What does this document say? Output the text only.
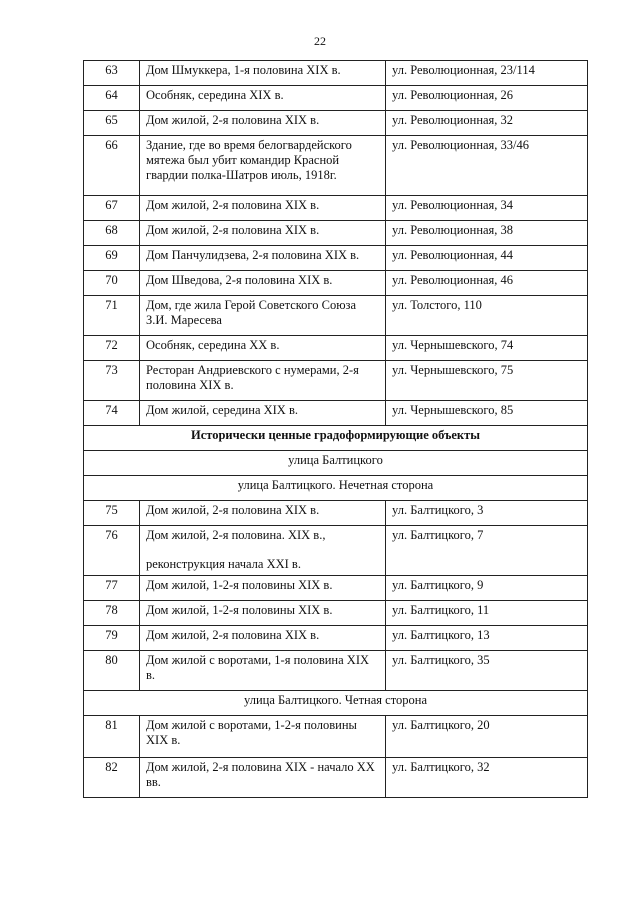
22
63	Дом Шмуккера, 1-я половина XIX в.	ул. Революционная, 23/114
64	Особняк, середина XIX в.	ул. Революционная, 26
65	Дом жилой, 2-я половина XIX в.	ул. Революционная, 32
66	Здание, где во время белогвардейского мятежа был убит командир Красной гвардии полка-Шатров июль, 1918г.	ул. Революционная, 33/46
67	Дом жилой, 2-я половина XIX в.	ул. Революционная, 34
68	Дом жилой, 2-я половина XIX в.	ул. Революционная, 38
69	Дом Панчулидзева, 2-я половина XIX в.	ул. Революционная, 44
70	Дом Шведова, 2-я половина XIX в.	ул. Революционная, 46
71	Дом, где жила Герой Советского Союза З.И. Маресева	ул. Толстого, 110
72	Особняк, середина XX в.	ул. Чернышевского, 74
73	Ресторан Андриевского с нумерами, 2-я половина XIX в.	ул. Чернышевского, 75
74	Дом жилой, середина XIX в.	ул. Чернышевского, 85
Исторически ценные градоформирующие объекты		
улица Балтицкого		
улица Балтицкого. Нечетная сторона		
75	Дом жилой, 2-я половина XIX в.	ул. Балтицкого, 3
76	Дом жилой, 2-я половина. XIX в.,
реконструкция начала XXI в.	ул. Балтицкого, 7
77	Дом жилой, 1-2-я половины XIX в.	ул. Балтицкого, 9
78	Дом жилой, 1-2-я половины XIX в.	ул. Балтицкого, 11
79	Дом жилой, 2-я половина XIX в.	ул. Балтицкого, 13
80	Дом жилой с воротами, 1-я половина XIX в.	ул. Балтицкого, 35
улица Балтицкого. Четная сторона		
81	Дом жилой с воротами, 1-2-я половины XIX в.	ул. Балтицкого, 20
82	Дом жилой, 2-я половина XIX - начало XX вв.	ул. Балтицкого, 32
